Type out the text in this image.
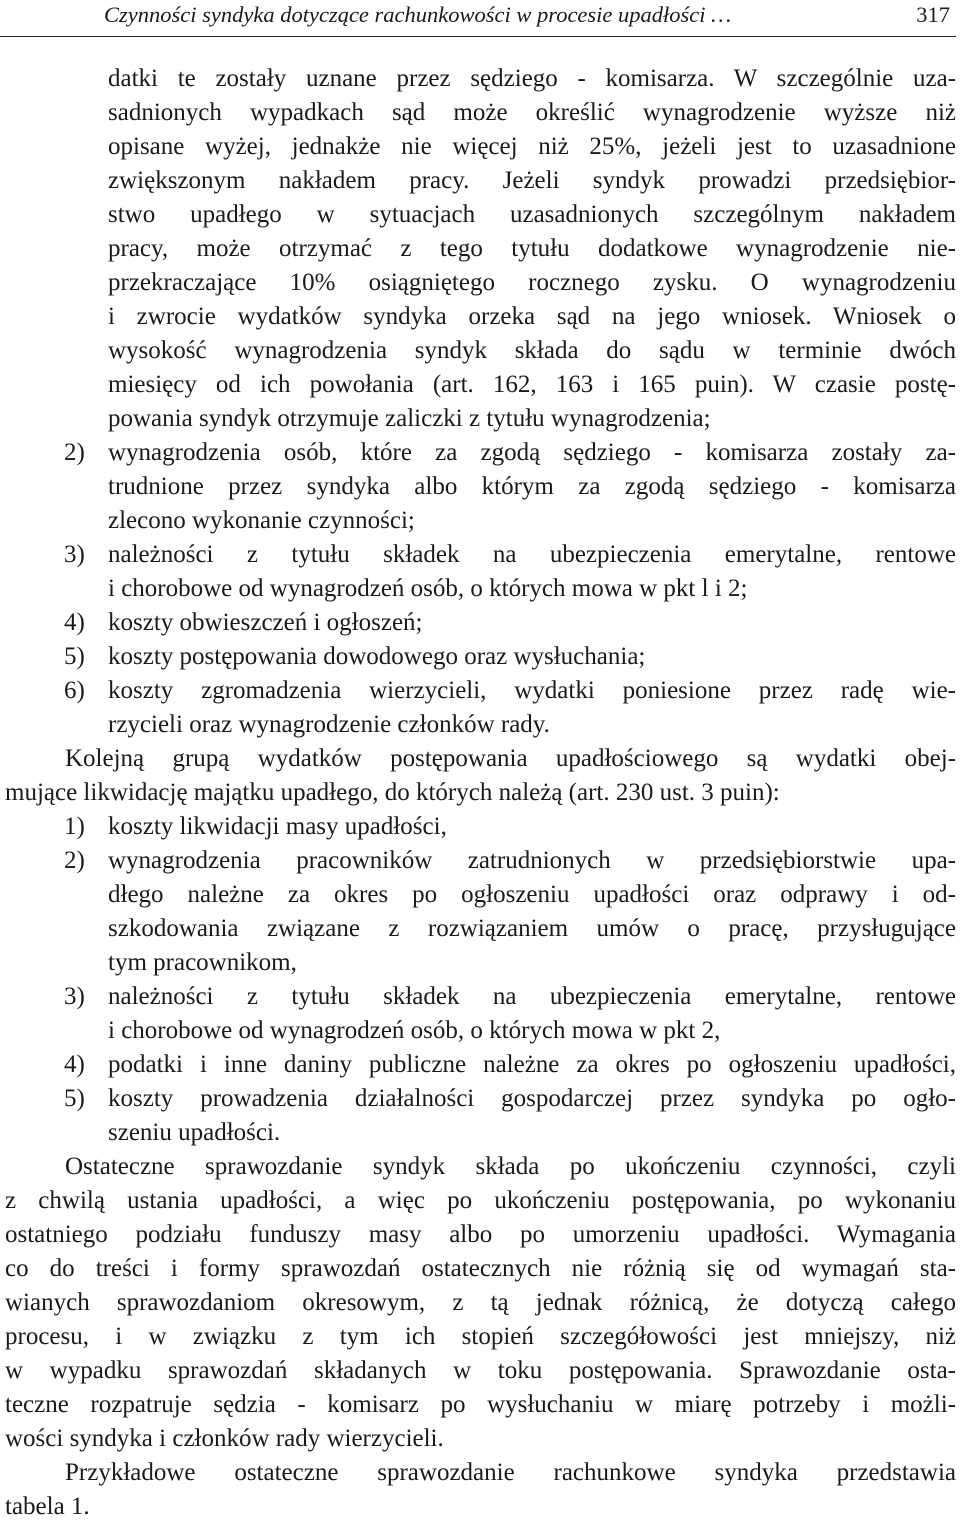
Czynności syndyka dotyczące rachunkowości w procesie upadłości …	317
datki te zostały uznane przez sędziego - komisarza. W szczególnie uza-
sadnionych wypadkach sąd może określić wynagrodzenie wyższe niż
opisane wyżej, jednakże nie więcej niż 25%, jeżeli jest to uzasadnione
zwiększonym nakładem pracy. Jeżeli syndyk prowadzi przedsiębior-
stwo upadłego w sytuacjach uzasadnionych szczególnym nakładem
pracy, może otrzymać z tego tytułu dodatkowe wynagrodzenie nie-
przekraczające 10% osiągniętego rocznego zysku. O wynagrodzeniu
i zwrocie wydatków syndyka orzeka sąd na jego wniosek. Wniosek o
wysokość wynagrodzenia syndyk składa do sądu w terminie dwóch
miesięcy od ich powołania (art. 162, 163 i 165 puin). W czasie postę-
powania syndyk otrzymuje zaliczki z tytułu wynagrodzenia;
2) wynagrodzenia osób, które za zgodą sędziego - komisarza zostały za-
trudnione przez syndyka albo którym za zgodą sędziego - komisarza
zlecono wykonanie czynności;
3) należności z tytułu składek na ubezpieczenia emerytalne, rentowe
i chorobowe od wynagrodzeń osób, o których mowa w pkt l i 2;
4) koszty obwieszczeń i ogłoszeń;
5) koszty postępowania dowodowego oraz wysłuchania;
6) koszty zgromadzenia wierzycieli, wydatki poniesione przez radę wie-
rzycieli oraz wynagrodzenie członków rady.
Kolejną grupą wydatków postępowania upadłościowego są wydatki obej-
mujące likwidację majątku upadłego, do których należą (art. 230 ust. 3 puin):
1) koszty likwidacji masy upadłości,
2) wynagrodzenia pracowników zatrudnionych w przedsiębiorstwie upa-
dłego należne za okres po ogłoszeniu upadłości oraz odprawy i od-
szkodowania związane z rozwiązaniem umów o pracę, przysługujące
tym pracownikom,
3) należności z tytułu składek na ubezpieczenia emerytalne, rentowe
i chorobowe od wynagrodzeń osób, o których mowa w pkt 2,
4) podatki i inne daniny publiczne należne za okres po ogłoszeniu upadłości,
5) koszty prowadzenia działalności gospodarczej przez syndyka po ogło-
szeniu upadłości.
Ostateczne sprawozdanie syndyk składa po ukończeniu czynności, czyli
z chwilą ustania upadłości, a więc po ukończeniu postępowania, po wykonaniu
ostatniego podziału funduszy masy albo po umorzeniu upadłości. Wymagania
co do treści i formy sprawozdań ostatecznych nie różnią się od wymagań sta-
wianych sprawozdaniom okresowym, z tą jednak różnicą, że dotyczą całego
procesu, i w związku z tym ich stopień szczegółowości jest mniejszy, niż
w wypadku sprawozdań składanych w toku postępowania. Sprawozdanie osta-
teczne rozpatruje sędzia - komisarz po wysłuchaniu w miarę potrzeby i możli-
wości syndyka i członków rady wierzycieli.
Przykładowe ostateczne sprawozdanie rachunkowe syndyka przedstawia
tabela 1.
